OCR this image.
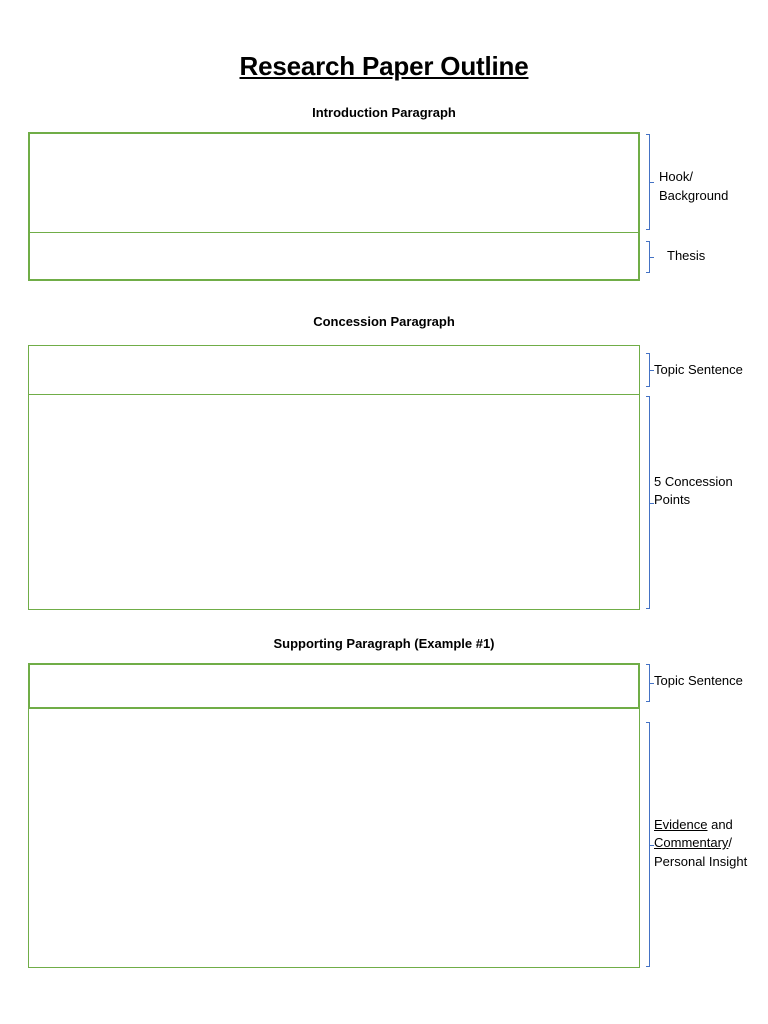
Research Paper Outline
Introduction Paragraph
Hook/
Background
Thesis
Concession Paragraph
Topic Sentence
5 Concession
Points
Supporting Paragraph (Example #1)
Topic Sentence
Evidence and
Commentary/
Personal Insight
